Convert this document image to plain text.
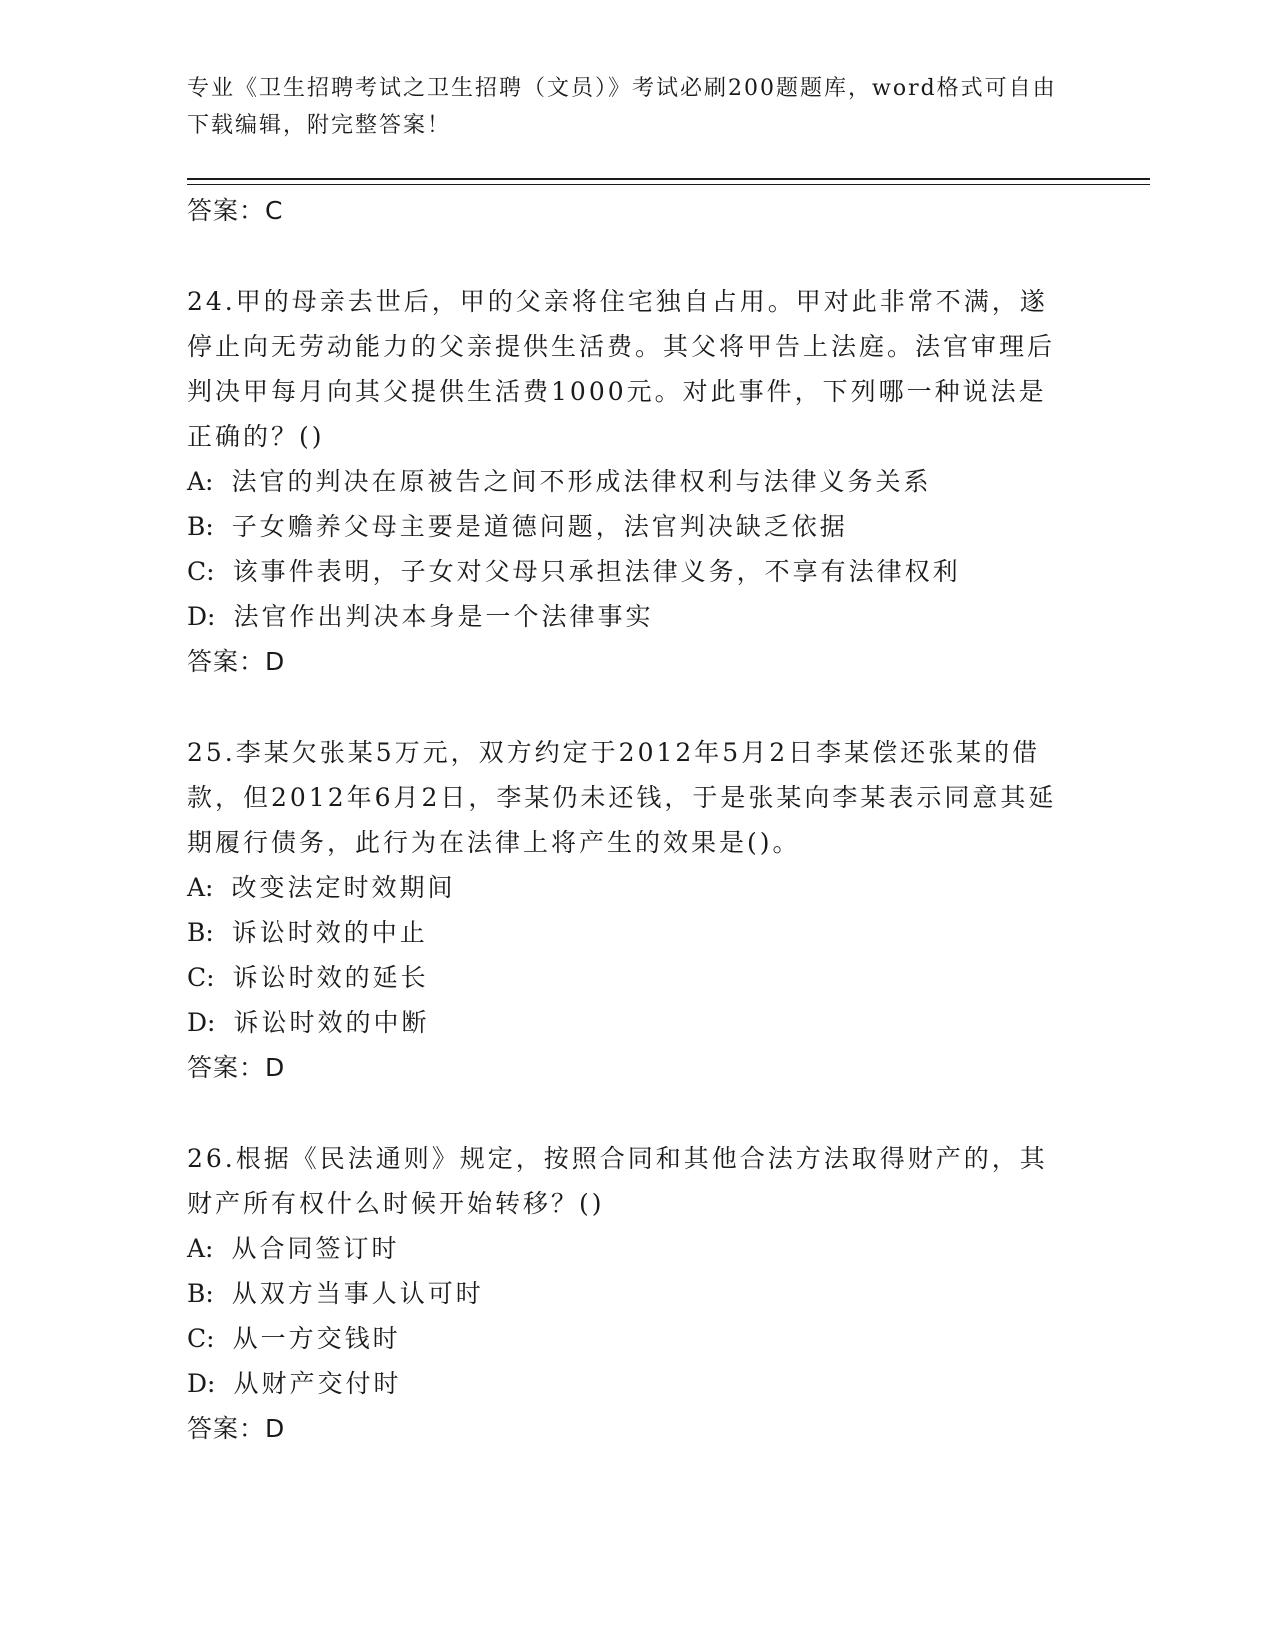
专业《卫生招聘考试之卫生招聘（文员）》考试必刷200题题库，word格式可自由下载编辑，附完整答案！

答案：C

24.甲的母亲去世后，甲的父亲将住宅独自占用。甲对此非常不满，遂停止向无劳动能力的父亲提供生活费。其父将甲告上法庭。法官审理后判决甲每月向其父提供生活费1000元。对此事件，下列哪一种说法是正确的？()

A: 法官的判决在原被告之间不形成法律权利与法律义务关系

B: 子女赡养父母主要是道德问题，法官判决缺乏依据

C: 该事件表明，子女对父母只承担法律义务，不享有法律权利

D: 法官作出判决本身是一个法律事实

答案：D

25.李某欠张某5万元，双方约定于2012年5月2日李某偿还张某的借款，但2012年6月2日，李某仍未还钱，于是张某向李某表示同意其延期履行债务，此行为在法律上将产生的效果是()。

A: 改变法定时效期间

B: 诉讼时效的中止

C: 诉讼时效的延长

D: 诉讼时效的中断

答案：D

26.根据《民法通则》规定，按照合同和其他合法方法取得财产的，其财产所有权什么时候开始转移？()

A: 从合同签订时

B: 从双方当事人认可时

C: 从一方交钱时

D: 从财产交付时

答案：D
